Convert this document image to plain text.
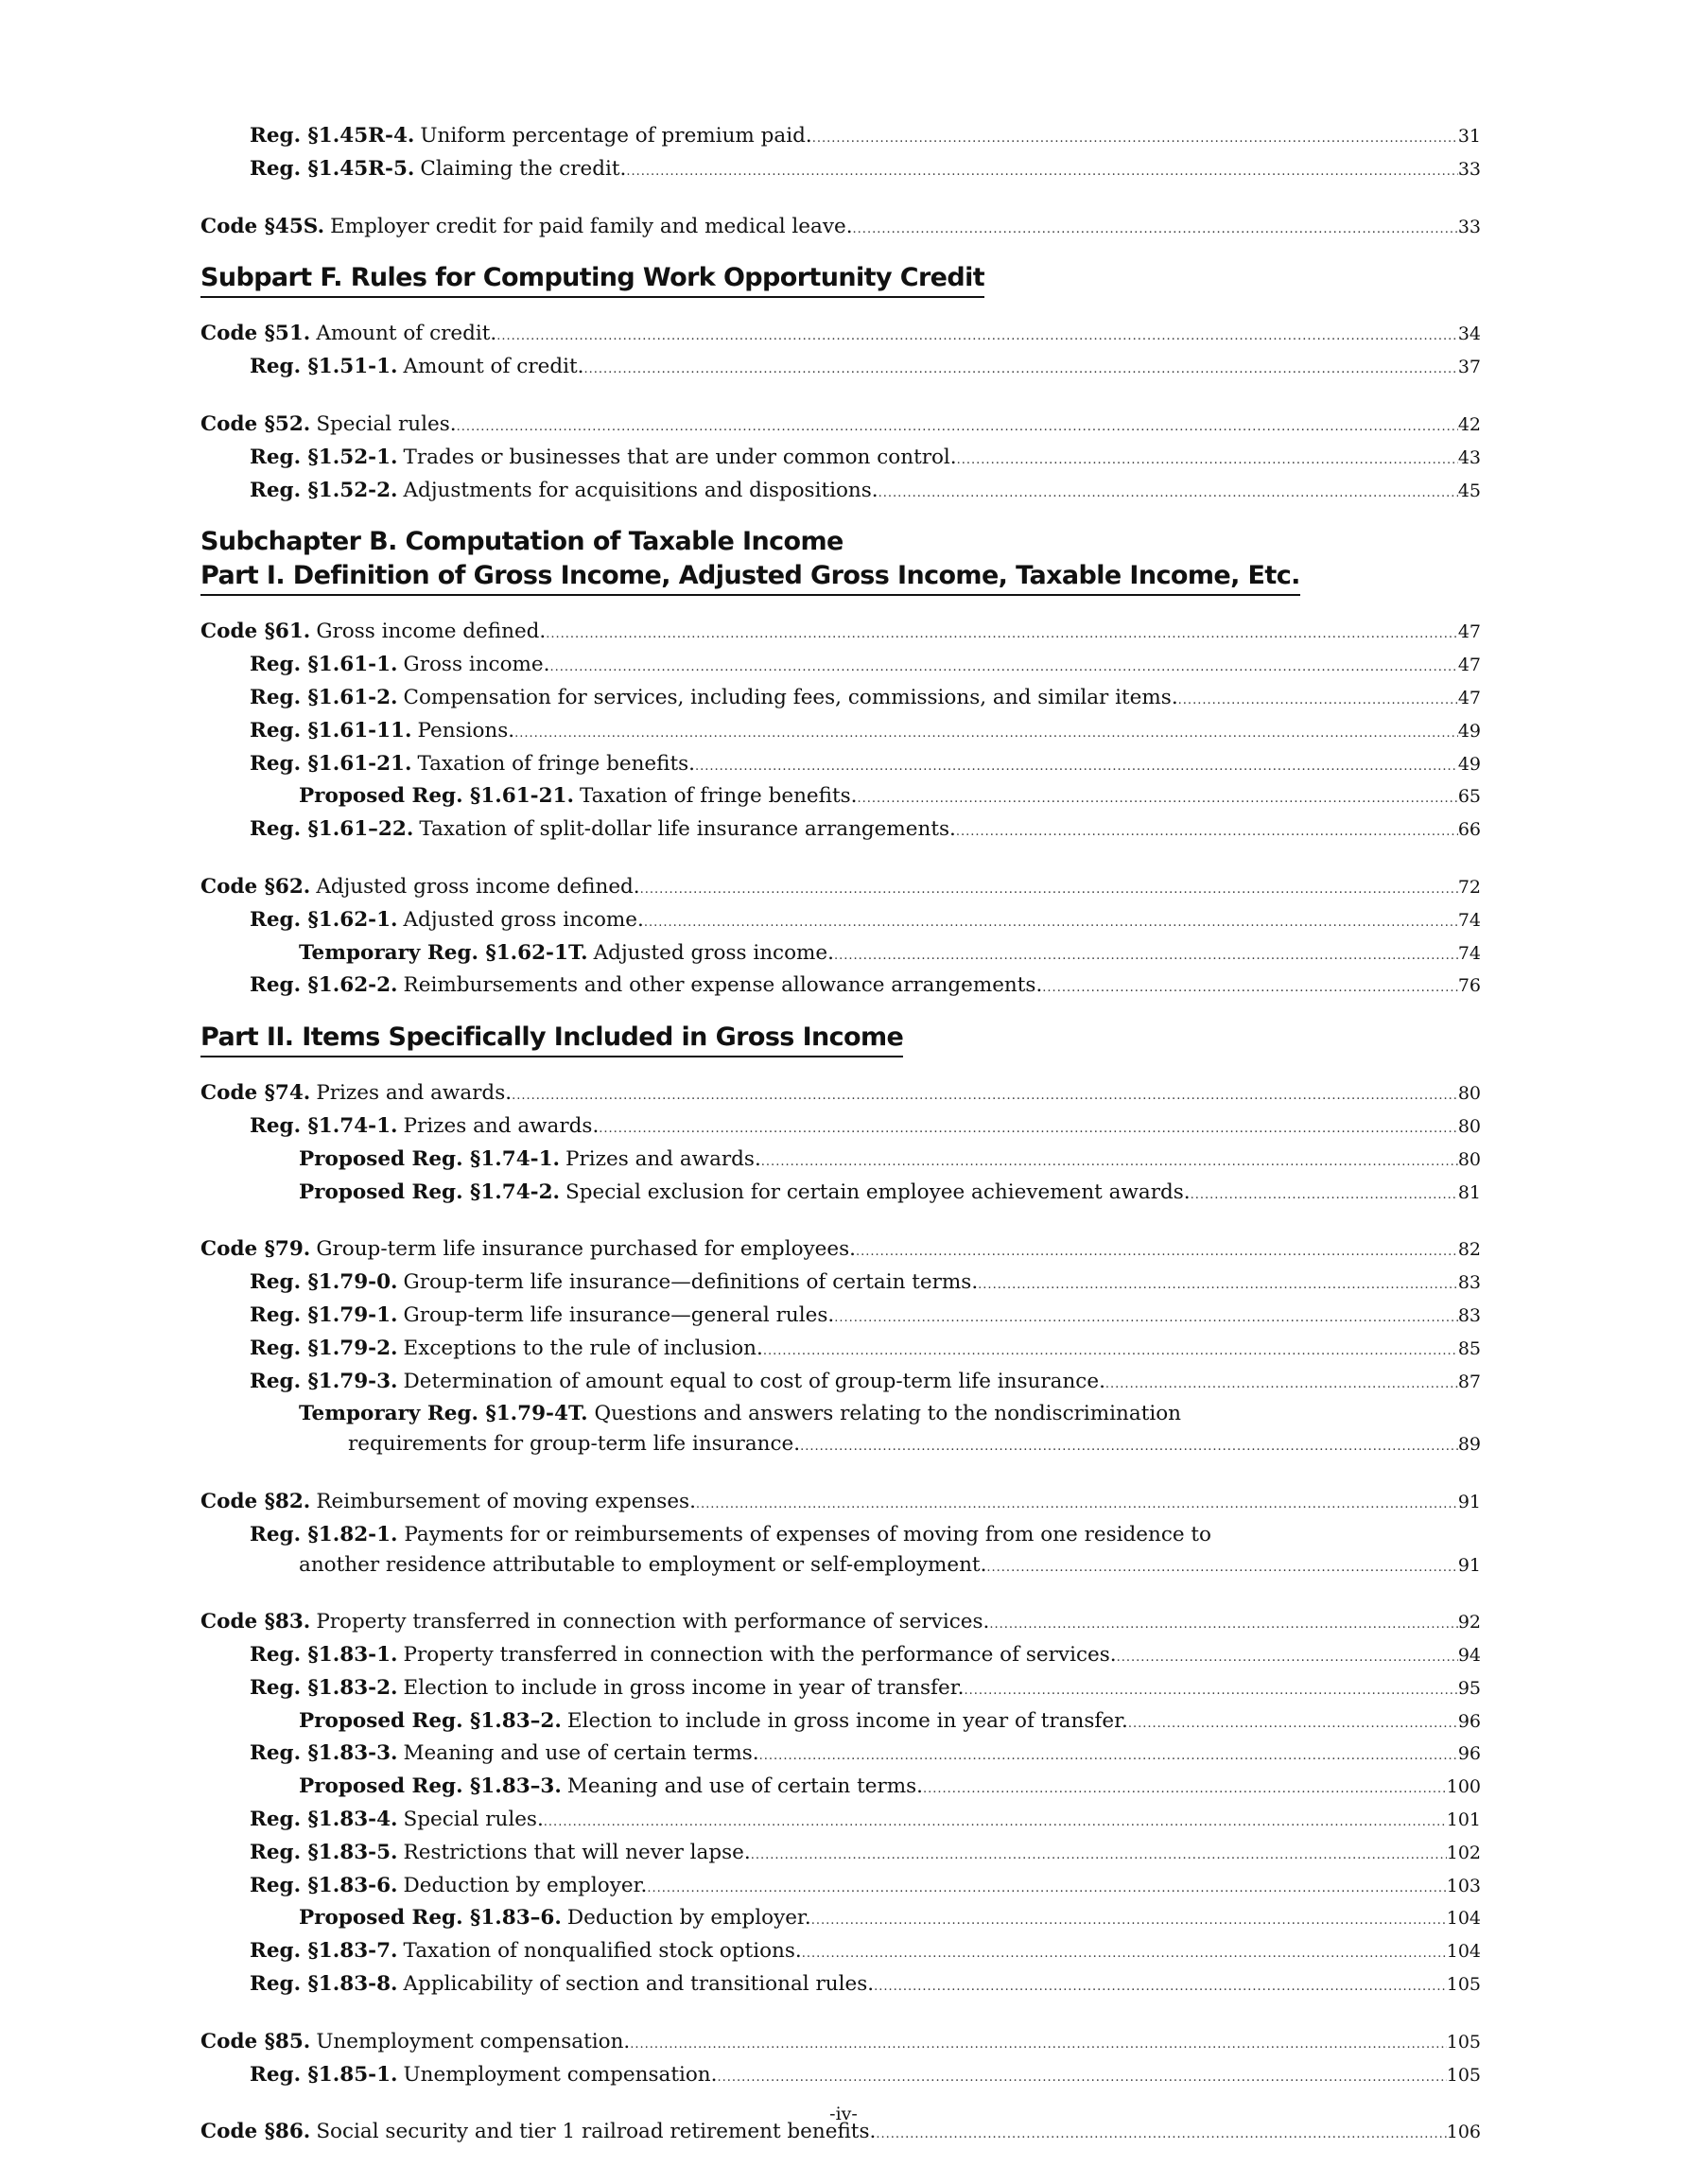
Reg. §1.45R-4. Uniform percentage of premium paid. .....	31
Reg. §1.45R-5. Claiming the credit. .....	33
Code §45S. Employer credit for paid family and medical leave. .....	33
Subpart F. Rules for Computing Work Opportunity Credit
Code §51. Amount of credit. .....	34
Reg. §1.51-1. Amount of credit. .....	37
Code §52. Special rules. .....	42
Reg. §1.52-1. Trades or businesses that are under common control. .....	43
Reg. §1.52-2. Adjustments for acquisitions and dispositions. .....	45
Subchapter B. Computation of Taxable Income
Part I. Definition of Gross Income, Adjusted Gross Income, Taxable Income, Etc.
Code §61. Gross income defined. .....	47
Reg. §1.61-1. Gross income. .....	47
Reg. §1.61-2. Compensation for services, including fees, commissions, and similar items. .....	47
Reg. §1.61-11. Pensions. .....	49
Reg. §1.61-21. Taxation of fringe benefits. .....	49
Proposed Reg. §1.61-21. Taxation of fringe benefits. .....	65
Reg. §1.61–22. Taxation of split-dollar life insurance arrangements. .....	66
Code §62. Adjusted gross income defined. .....	72
Reg. §1.62-1. Adjusted gross income. .....	74
Temporary Reg. §1.62-1T. Adjusted gross income. .....	74
Reg. §1.62-2. Reimbursements and other expense allowance arrangements. .....	76
Part II. Items Specifically Included in Gross Income
Code §74. Prizes and awards. .....	80
Reg. §1.74-1. Prizes and awards. .....	80
Proposed Reg. §1.74-1. Prizes and awards. .....	80
Proposed Reg. §1.74-2. Special exclusion for certain employee achievement awards. .....	81
Code §79. Group-term life insurance purchased for employees. .....	82
Reg. §1.79-0. Group-term life insurance—definitions of certain terms. .....	83
Reg. §1.79-1. Group-term life insurance—general rules. .....	83
Reg. §1.79-2. Exceptions to the rule of inclusion. .....	85
Reg. §1.79-3. Determination of amount equal to cost of group-term life insurance. .....	87
Temporary Reg. §1.79-4T. Questions and answers relating to the nondiscrimination
requirements for group-term life insurance. .....	89
Code §82. Reimbursement of moving expenses. .....	91
Reg. §1.82-1. Payments for or reimbursements of expenses of moving from one residence to
another residence attributable to employment or self-employment. .....	91
Code §83. Property transferred in connection with performance of services. .....	92
Reg. §1.83-1. Property transferred in connection with the performance of services. .....	94
Reg. §1.83-2. Election to include in gross income in year of transfer. .....	95
Proposed Reg. §1.83–2. Election to include in gross income in year of transfer. .....	96
Reg. §1.83-3. Meaning and use of certain terms. .....	96
Proposed Reg. §1.83–3. Meaning and use of certain terms. .....	100
Reg. §1.83-4. Special rules. .....	101
Reg. §1.83-5. Restrictions that will never lapse. .....	102
Reg. §1.83-6. Deduction by employer. .....	103
Proposed Reg. §1.83–6. Deduction by employer. .....	104
Reg. §1.83-7. Taxation of nonqualified stock options. .....	104
Reg. §1.83-8. Applicability of section and transitional rules. .....	105
Code §85. Unemployment compensation. .....	105
Reg. §1.85-1. Unemployment compensation. .....	105
Code §86. Social security and tier 1 railroad retirement benefits. .....	106
-iv-
